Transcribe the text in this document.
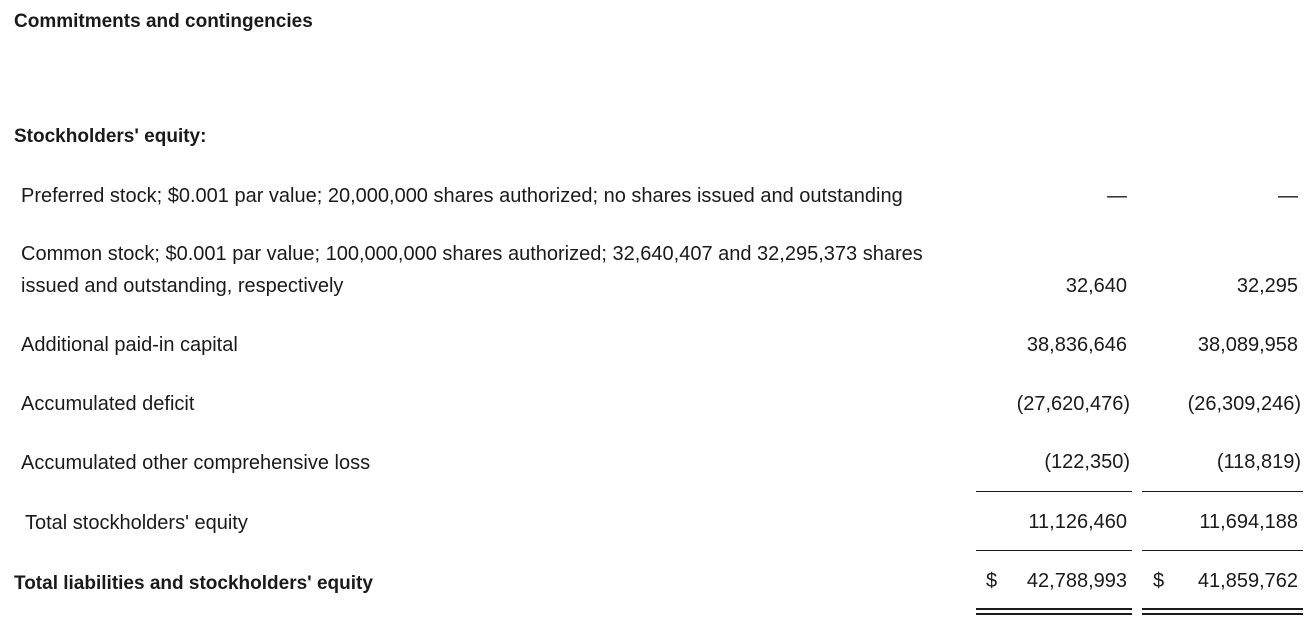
Commitments and contingencies
Stockholders' equity:
Preferred stock; $0.001 par value; 20,000,000 shares authorized; no shares issued and outstanding	—	—
Common stock; $0.001 par value; 100,000,000 shares authorized; 32,640,407 and 32,295,373 shares
issued and outstanding, respectively	32,640	32,295
Additional paid-in capital	38,836,646	38,089,958
Accumulated deficit	(27,620,476)	(26,309,246)
Accumulated other comprehensive loss	(122,350)	(118,819)
Total stockholders' equity	11,126,460	11,694,188
Total liabilities and stockholders' equity	$ 42,788,993 $ 41,859,762
